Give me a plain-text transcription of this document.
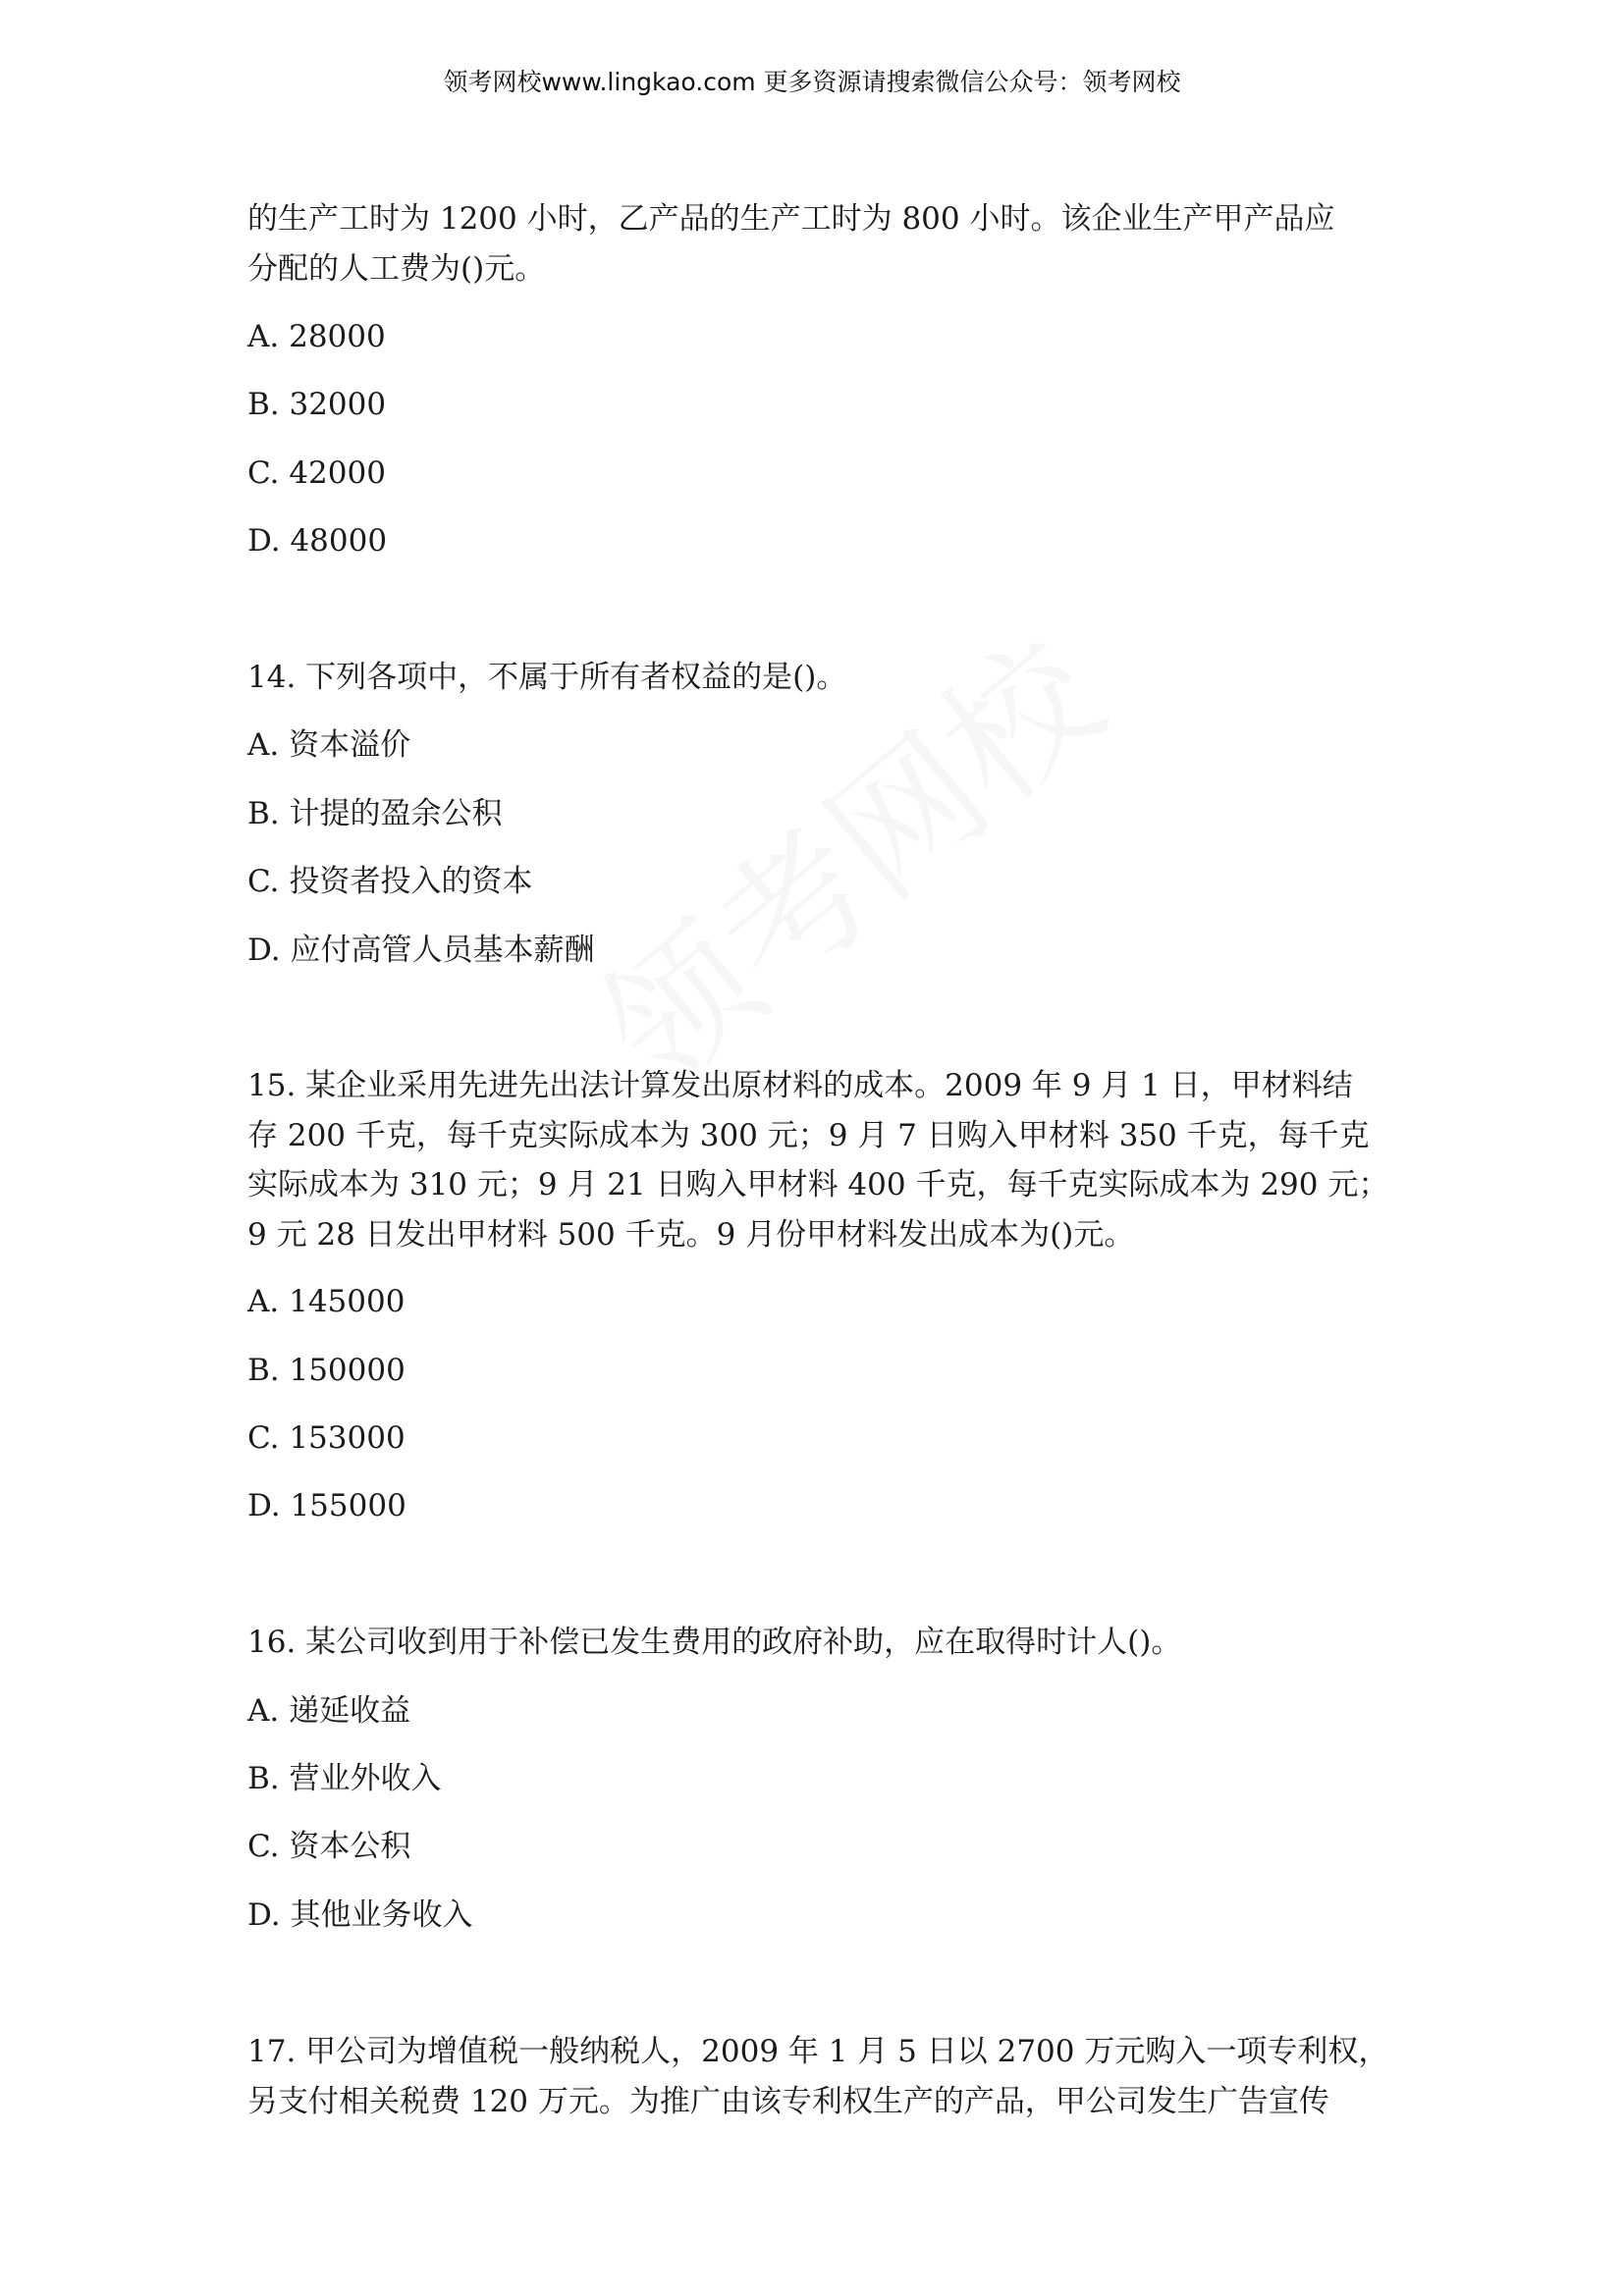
领考网校www.lingkao.com 更多资源请搜索微信公众号：领考网校
的生产工时为 1200 小时，乙产品的生产工时为 800 小时。该企业生产甲产品应
分配的人工费为()元。
A. 28000
B. 32000
C. 42000
D. 48000
14. 下列各项中，不属于所有者权益的是()。
A. 资本溢价
B. 计提的盈余公积
C. 投资者投入的资本
D. 应付高管人员基本薪酬
15. 某企业采用先进先出法计算发出原材料的成本。2009 年 9 月 1 日，甲材料结
存 200 千克，每千克实际成本为 300 元；9 月 7 日购入甲材料 350 千克，每千克
实际成本为 310 元；9 月 21 日购入甲材料 400 千克，每千克实际成本为 290 元；
9 元 28 日发出甲材料 500 千克。9 月份甲材料发出成本为()元。
A. 145000
B. 150000
C. 153000
D. 155000
16. 某公司收到用于补偿已发生费用的政府补助，应在取得时计人()。
A. 递延收益
B. 营业外收入
C. 资本公积
D. 其他业务收入
17. 甲公司为增值税一般纳税人，2009 年 1 月 5 日以 2700 万元购入一项专利权，
另支付相关税费 120 万元。为推广由该专利权生产的产品，甲公司发生广告宣传
